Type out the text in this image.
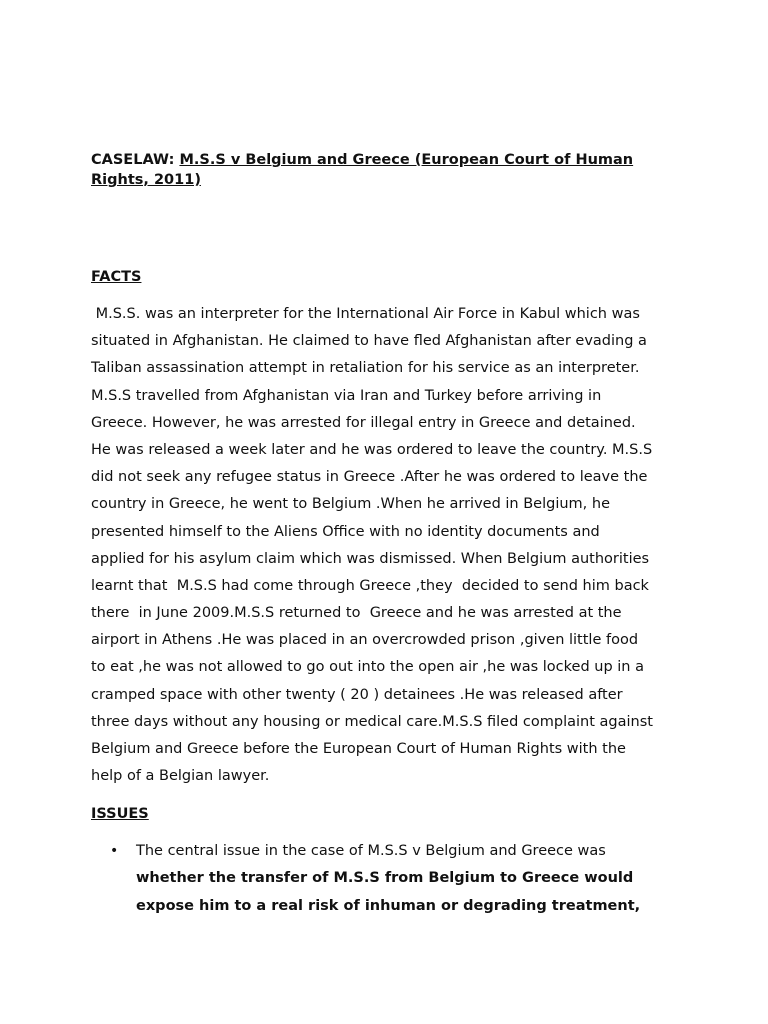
CASELAW: M.S.S v Belgium and Greece (European Court of Human Rights, 2011)
FACTS
M.S.S. was an interpreter for the International Air Force in Kabul which was
situated in Afghanistan. He claimed to have fled Afghanistan after evading a
Taliban assassination attempt in retaliation for his service as an interpreter.
M.S.S travelled from Afghanistan via Iran and Turkey before arriving in
Greece. However, he was arrested for illegal entry in Greece and detained.
He was released a week later and he was ordered to leave the country. M.S.S
did not seek any refugee status in Greece .After he was ordered to leave the
country in Greece, he went to Belgium .When he arrived in Belgium, he
presented himself to the Aliens Office with no identity documents and
applied for his asylum claim which was dismissed. When Belgium authorities
learnt that  M.S.S had come through Greece ,they  decided to send him back
there  in June 2009.M.S.S returned to  Greece and he was arrested at the
airport in Athens .He was placed in an overcrowded prison ,given little food
to eat ,he was not allowed to go out into the open air ,he was locked up in a
cramped space with other twenty ( 20 ) detainees .He was released after
three days without any housing or medical care.M.S.S filed complaint against
Belgium and Greece before the European Court of Human Rights with the
help of a Belgian lawyer.
ISSUES
• The central issue in the case of M.S.S v Belgium and Greece was
whether the transfer of M.S.S from Belgium to Greece would
expose him to a real risk of inhuman or degrading treatment,
